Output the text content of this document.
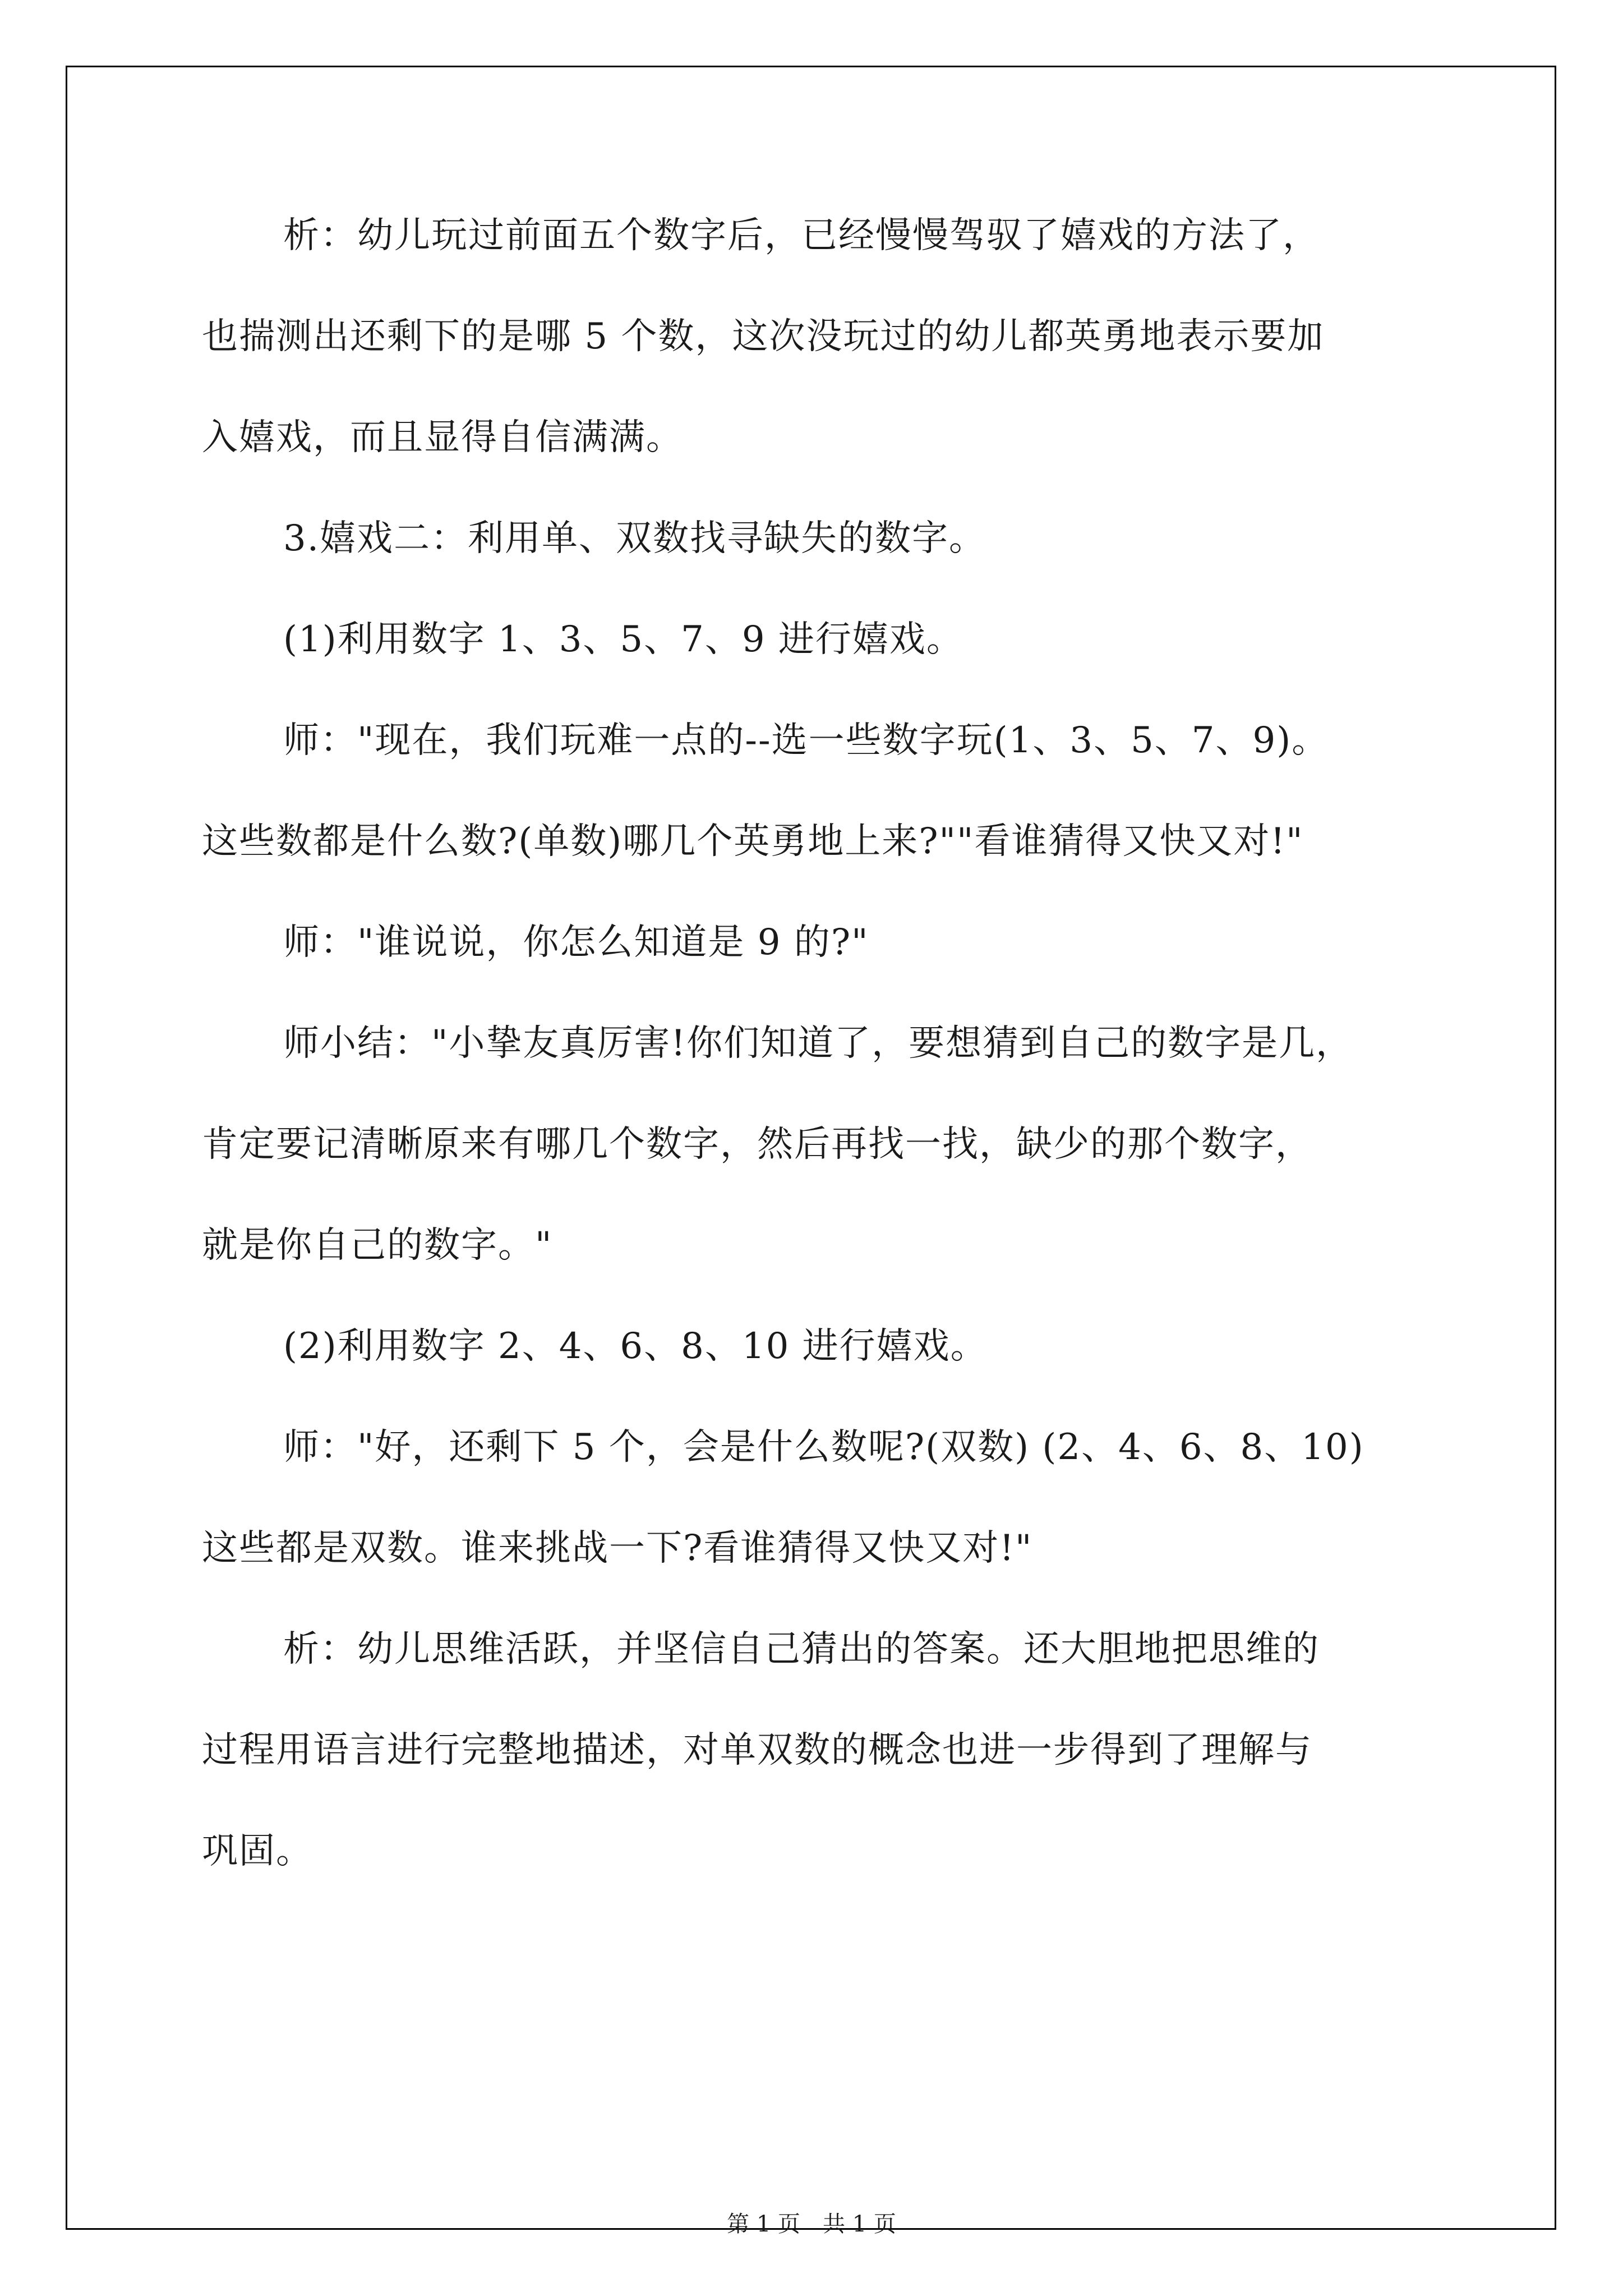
析：幼儿玩过前面五个数字后，已经慢慢驾驭了嬉戏的方法了，
也揣测出还剩下的是哪 5 个数，这次没玩过的幼儿都英勇地表示要加
入嬉戏，而且显得自信满满。
3.嬉戏二：利用单、双数找寻缺失的数字。
(1)利用数字 1、3、5、7、9 进行嬉戏。
师："现在，我们玩难一点的--选一些数字玩(1、3、5、7、9)。
这些数都是什么数?(单数)哪几个英勇地上来?""看谁猜得又快又对!"
师："谁说说，你怎么知道是 9 的?"
师小结："小挚友真厉害!你们知道了，要想猜到自己的数字是几，
肯定要记清晰原来有哪几个数字，然后再找一找，缺少的那个数字，
就是你自己的数字。"
(2)利用数字 2、4、6、8、10 进行嬉戏。
师："好，还剩下 5 个，会是什么数呢?(双数) (2、4、6、8、10)
这些都是双数。谁来挑战一下?看谁猜得又快又对!"
析：幼儿思维活跃，并坚信自己猜出的答案。还大胆地把思维的
过程用语言进行完整地描述，对单双数的概念也进一步得到了理解与
巩固。
第 1 页　共 1 页
